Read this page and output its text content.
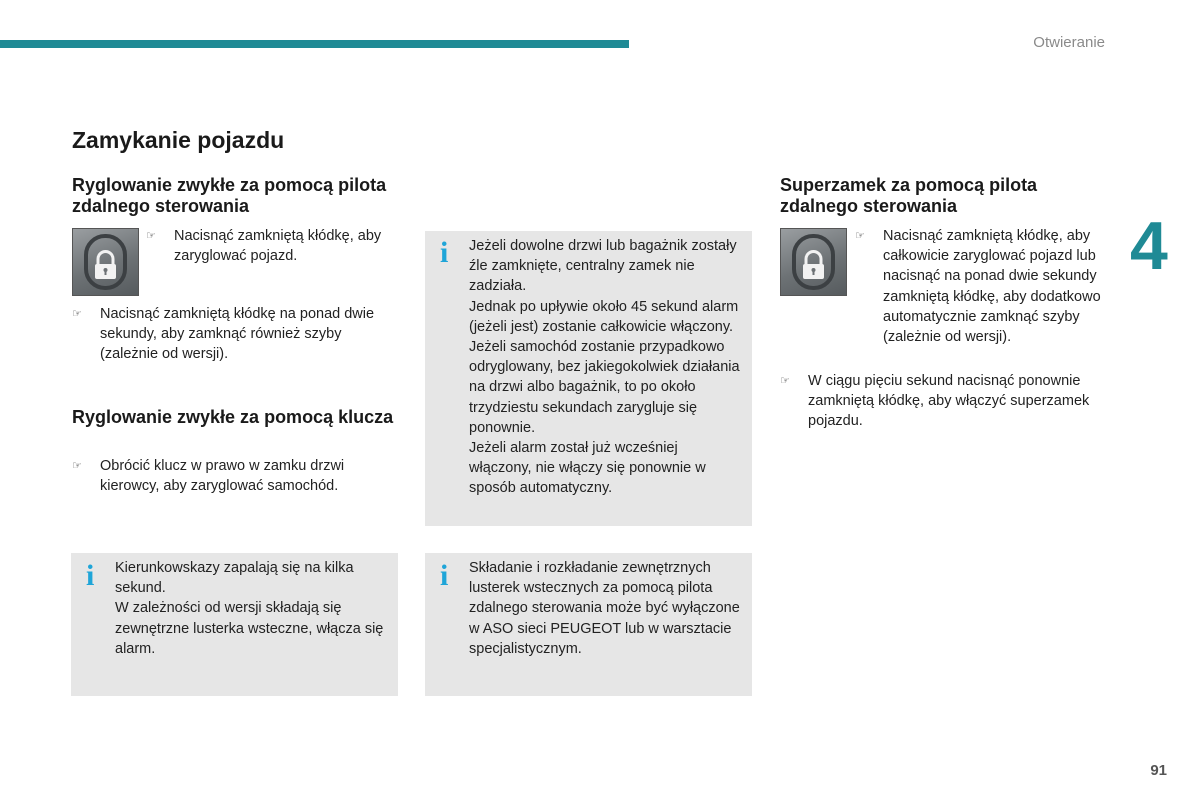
Otwieranie
4
Zamykanie pojazdu
Ryglowanie zwykłe za pomocą pilota zdalnego sterowania
☞	Nacisnąć zamkniętą kłódkę, aby zaryglować pojazd.
☞	Nacisnąć zamkniętą kłódkę na ponad dwie sekundy, aby zamknąć również szyby (zależnie od wersji).
Ryglowanie zwykłe za pomocą klucza
☞	Obrócić klucz w prawo w zamku drzwi kierowcy, aby zaryglować samochód.
i Kierunkowskazy zapalają się na kilka sekund.

W zależności od wersji składają się zewnętrzne lusterka wsteczne, włącza się alarm.

i Jeżeli dowolne drzwi lub bagażnik zostały źle zamknięte, centralny zamek nie zadziała.

Jednak po upływie około 45 sekund alarm (jeżeli jest) zostanie całkowicie włączony.

Jeżeli samochód zostanie przypadkowo odryglowany, bez jakiegokolwiek działania na drzwi albo bagażnik, to po około trzydziestu sekundach zarygluje się ponownie.

Jeżeli alarm został już wcześniej włączony, nie włączy się ponownie w sposób automatyczny.

i Składanie i rozkładanie zewnętrznych lusterek wstecznych za pomocą pilota zdalnego sterowania może być wyłączone w ASO sieci PEUGEOT lub w warsztacie specjalistycznym.

Superzamek za pomocą pilota zdalnego sterowania
☞	Nacisnąć zamkniętą kłódkę, aby całkowicie zaryglować pojazd lub nacisnąć na ponad dwie sekundy zamkniętą kłódkę, aby dodatkowo automatycznie zamknąć szyby (zależnie od wersji).
☞	W ciągu pięciu sekund nacisnąć ponownie zamkniętą kłódkę, aby włączyć superzamek pojazdu.
91
